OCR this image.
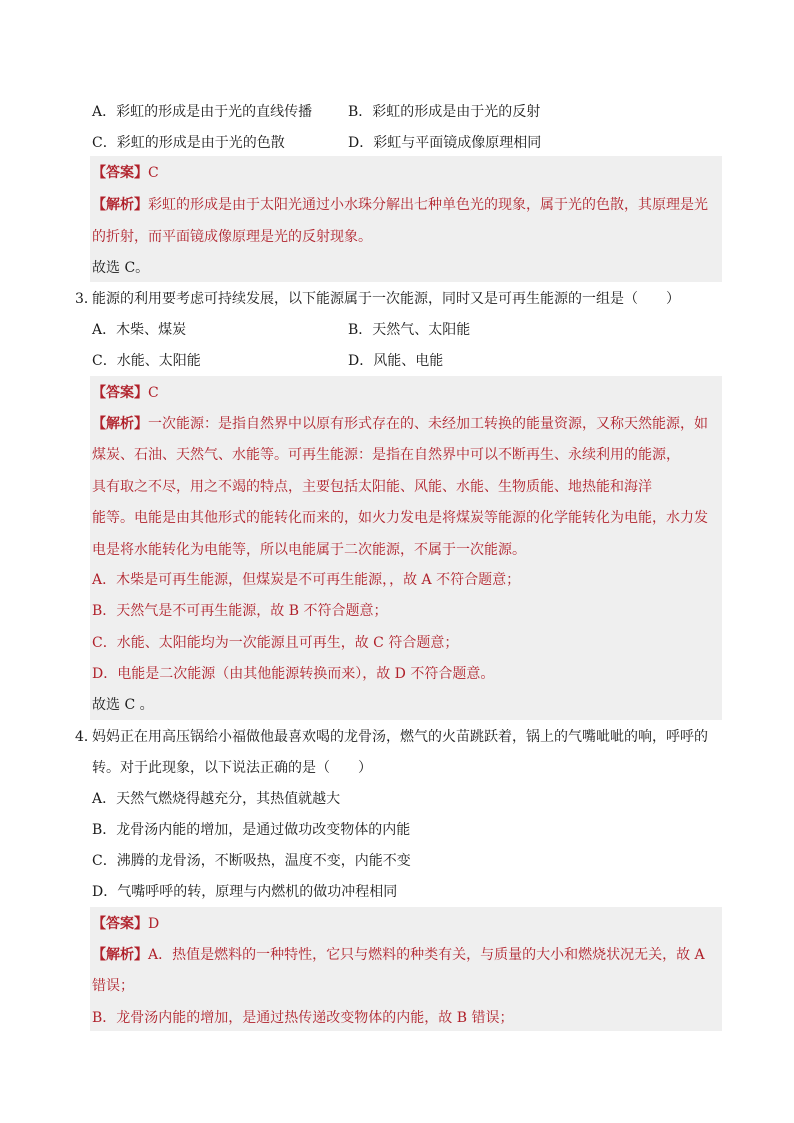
A．彩虹的形成是由于光的直线传播	B．彩虹的形成是由于光的反射
C．彩虹的形成是由于光的色散	D．彩虹与平面镜成像原理相同
【答案】C
【解析】彩虹的形成是由于太阳光通过小水珠分解出七种单色光的现象，属于光的色散，其原理是光
的折射，而平面镜成像原理是光的反射现象。
故选 C。
3．
能源的利用要考虑可持续发展，以下能源属于一次能源，同时又是可再生能源的一组是（　　）
A．木柴、煤炭	B．天然气、太阳能
C．水能、太阳能	D．风能、电能
【答案】C
【解析】一次能源：是指自然界中以原有形式存在的、未经加工转换的能量资源，又称天然能源，如
煤炭、石油、天然气、水能等。可再生能源：是指在自然界中可以不断再生、永续利用的能源，
具有取之不尽，用之不竭的特点，主要包括太阳能、风能、水能、生物质能、地热能和海洋
能等。电能是由其他形式的能转化而来的，如火力发电是将煤炭等能源的化学能转化为电能，水力发
电是将水能转化为电能等，所以电能属于二次能源，不属于一次能源。
A．木柴是可再生能源，但煤炭是不可再生能源，，故 A 不符合题意；
B．天然气是不可再生能源，故 B 不符合题意；
C．水能、太阳能均为一次能源且可再生，故 C 符合题意；
D．电能是二次能源（由其他能源转换而来），故 D 不符合题意。
故选 C 。
4．
妈妈正在用高压锅给小福做他最喜欢喝的龙骨汤，燃气的火苗跳跃着，锅上的气嘴呲呲的响，呼呼的
转。对于此现象，以下说法正确的是（　　）
A．天然气燃烧得越充分，其热值就越大
B．龙骨汤内能的增加，是通过做功改变物体的内能
C．沸腾的龙骨汤，不断吸热，温度不变，内能不变
D．气嘴呼呼的转，原理与内燃机的做功冲程相同
【答案】D
【解析】A．热值是燃料的一种特性，它只与燃料的种类有关，与质量的大小和燃烧状况无关，故 A
错误；
B．龙骨汤内能的增加，是通过热传递改变物体的内能，故 B 错误；
